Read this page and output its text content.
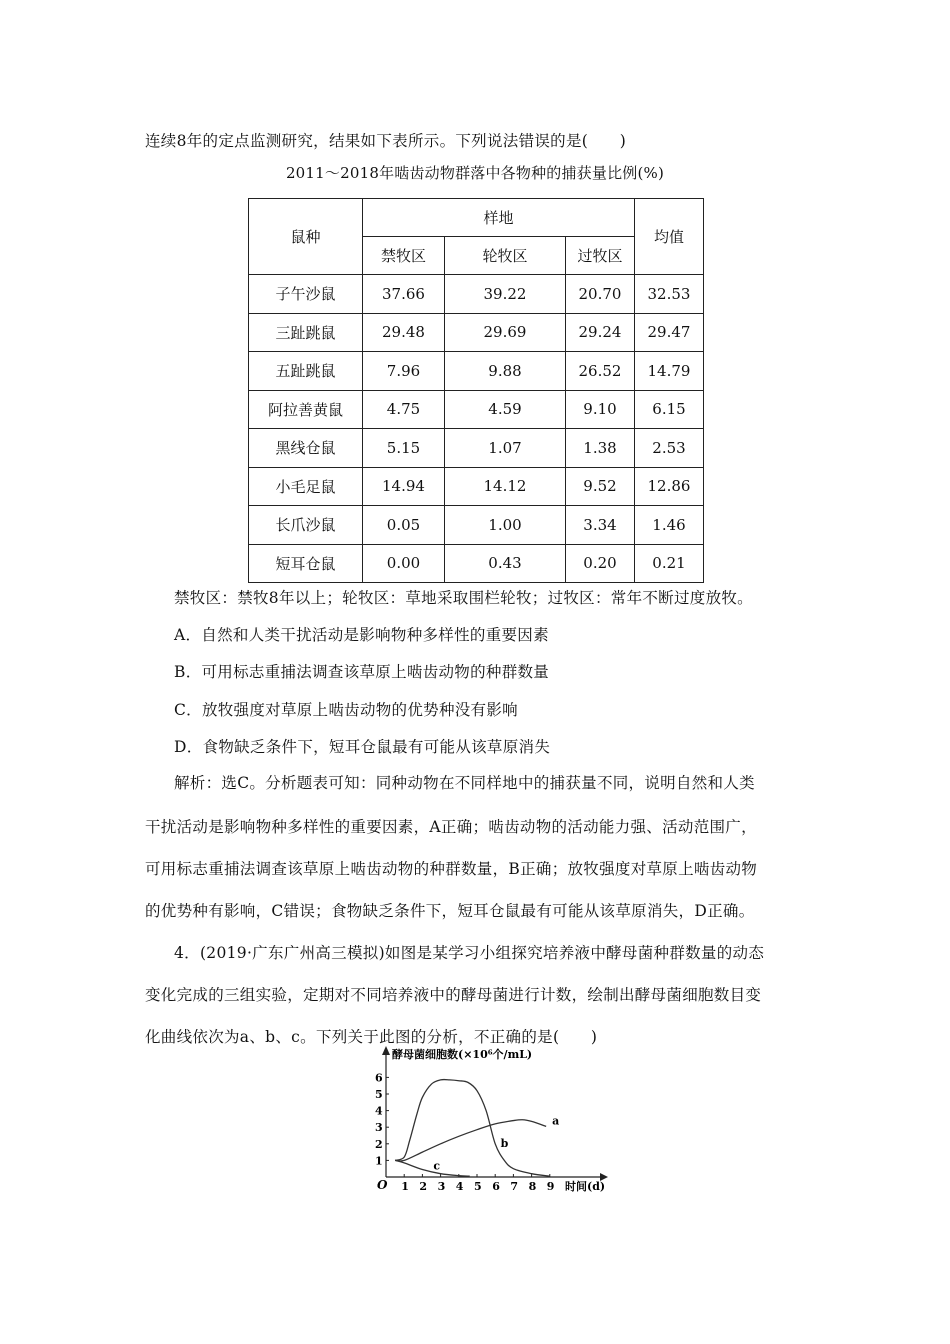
连续8年的定点监测研究，结果如下表所示。下列说法错误的是(　　)
2011～2018年啮齿动物群落中各物种的捕获量比例(%)
鼠种	样地			均值
	禁牧区	轮牧区	过牧区	
子午沙鼠	37.66	39.22	20.70	32.53
三趾跳鼠	29.48	29.69	29.24	29.47
五趾跳鼠	7.96	9.88	26.52	14.79
阿拉善黄鼠	4.75	4.59	9.10	6.15
黑线仓鼠	5.15	1.07	1.38	2.53
小毛足鼠	14.94	14.12	9.52	12.86
长爪沙鼠	0.05	1.00	3.34	1.46
短耳仓鼠	0.00	0.43	0.20	0.21
禁牧区：禁牧8年以上；轮牧区：草地采取围栏轮牧；过牧区：常年不断过度放牧。
A．自然和人类干扰活动是影响物种多样性的重要因素
B．可用标志重捕法调查该草原上啮齿动物的种群数量
C．放牧强度对草原上啮齿动物的优势种没有影响
D．食物缺乏条件下，短耳仓鼠最有可能从该草原消失
解析：选C。分析题表可知：同种动物在不同样地中的捕获量不同，说明自然和人类
干扰活动是影响物种多样性的重要因素，A正确；啮齿动物的活动能力强、活动范围广，
可用标志重捕法调查该草原上啮齿动物的种群数量，B正确；放牧强度对草原上啮齿动物
的优势种有影响，C错误；食物缺乏条件下，短耳仓鼠最有可能从该草原消失，D正确。
4．(2019·广东广州高三模拟)如图是某学习小组探究培养液中酵母菌种群数量的动态
变化完成的三组实验，定期对不同培养液中的酵母菌进行计数，绘制出酵母菌细胞数目变
化曲线依次为a、b、c。下列关于此图的分析，不正确的是(　　)
酵母菌细胞数(×10⁶个/mL)
时间(d)
O 1 2 3 4 5 6 7 8 9
1
2
3
4
5
6
a
b
c
